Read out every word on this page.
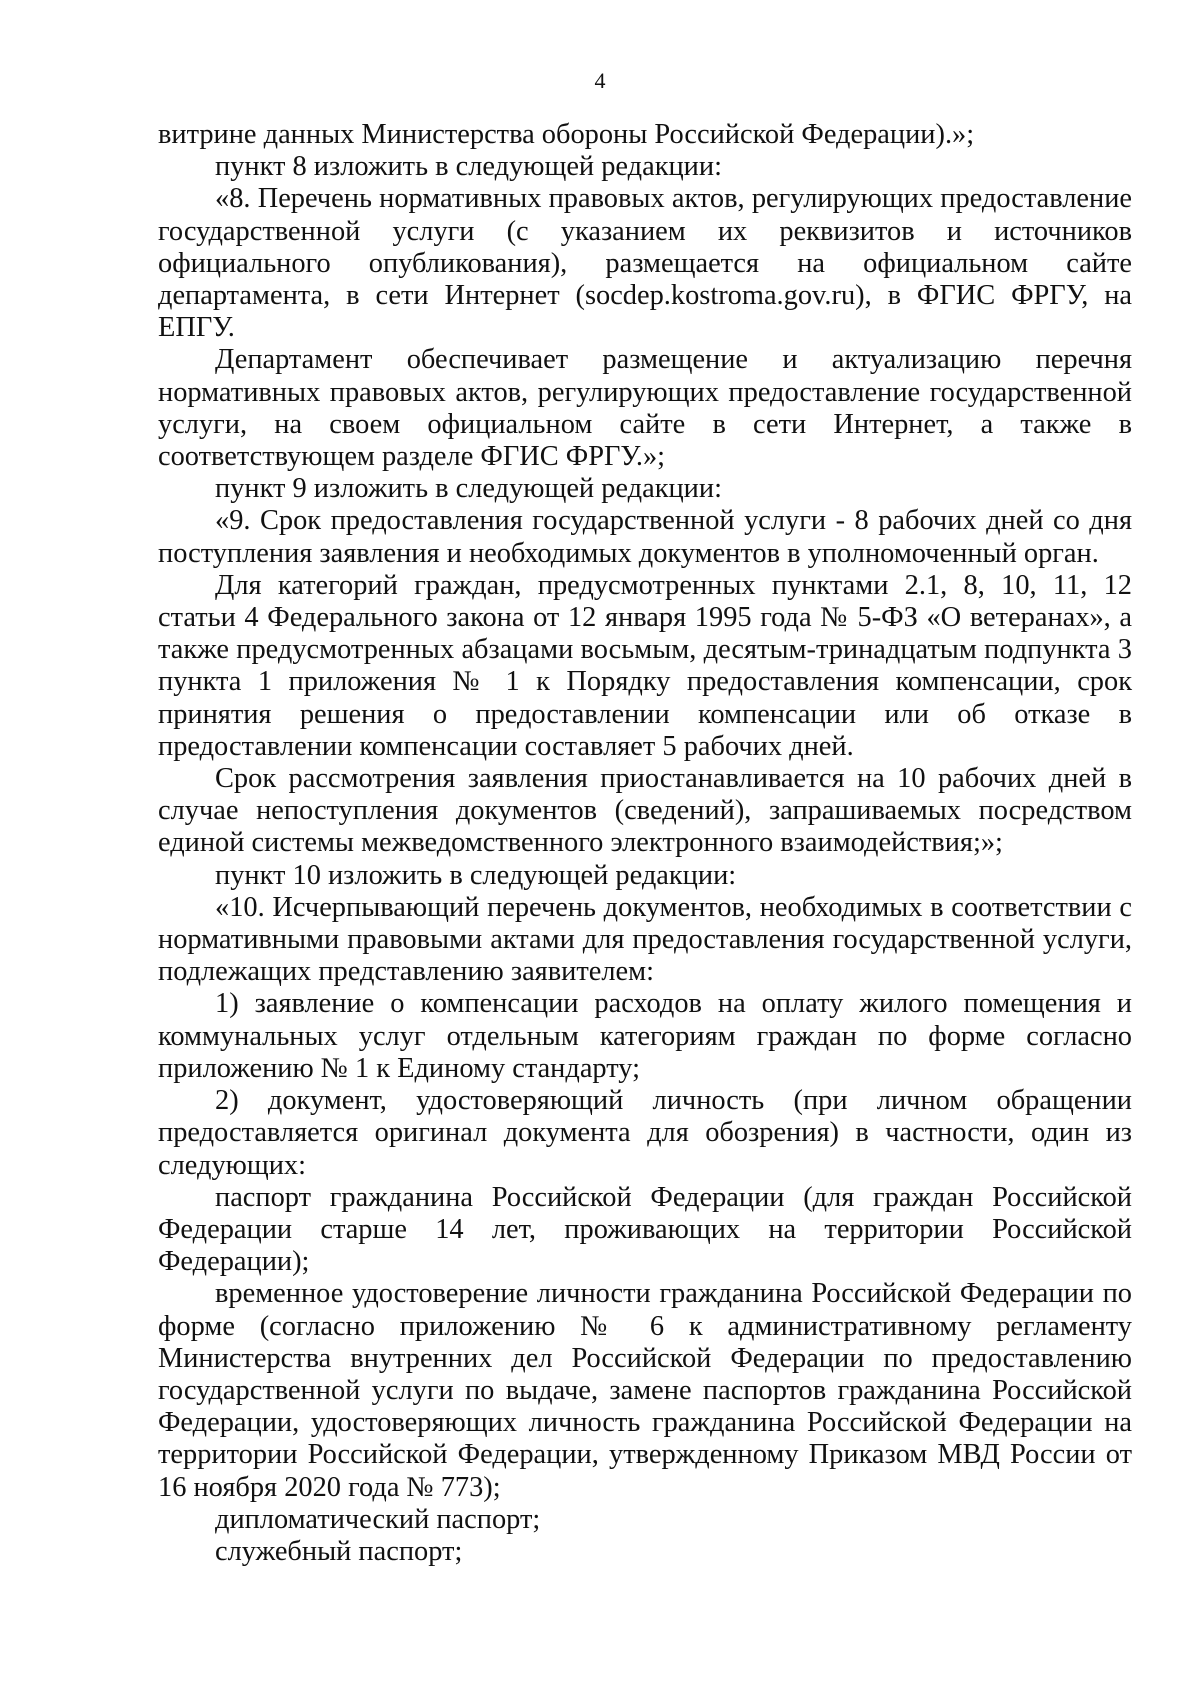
4

витрине данных Министерства обороны Российской Федерации).»;

пункт 8 изложить в следующей редакции:

«8. Перечень нормативных правовых актов, регулирующих предоставление государственной услуги (с указанием их реквизитов и источников официального опубликования), размещается на официальном сайте департамента, в сети Интернет (socdep.kostroma.gov.ru), в ФГИС ФРГУ, на ЕПГУ.

Департамент обеспечивает размещение и актуализацию перечня нормативных правовых актов, регулирующих предоставление государственной услуги, на своем официальном сайте в сети Интернет, а также в соответствующем разделе ФГИС ФРГУ.»;

пункт 9 изложить в следующей редакции:

«9. Срок предоставления государственной услуги - 8 рабочих дней со дня поступления заявления и необходимых документов в уполномоченный орган.

Для категорий граждан, предусмотренных пунктами 2.1, 8, 10, 11, 12 статьи 4 Федерального закона от 12 января 1995 года № 5-ФЗ «О ветеранах», а также предусмотренных абзацами восьмым, десятым-тринадцатым подпункта 3 пункта 1 приложения № 1 к Порядку предоставления компенсации, срок принятия решения о предоставлении компенсации или об отказе в предоставлении компенсации составляет 5 рабочих дней.

Срок рассмотрения заявления приостанавливается на 10 рабочих дней в случае непоступления документов (сведений), запрашиваемых посредством единой системы межведомственного электронного взаимодействия;»;

пункт 10 изложить в следующей редакции:

«10. Исчерпывающий перечень документов, необходимых в соответствии с нормативными правовыми актами для предоставления государственной услуги, подлежащих представлению заявителем:

1) заявление о компенсации расходов на оплату жилого помещения и коммунальных услуг отдельным категориям граждан по форме согласно приложению № 1 к Единому стандарту;

2) документ, удостоверяющий личность (при личном обращении предоставляется оригинал документа для обозрения) в частности, один из следующих:

паспорт гражданина Российской Федерации (для граждан Российской Федерации старше 14 лет, проживающих на территории Российской Федерации);

временное удостоверение личности гражданина Российской Федерации по форме (согласно приложению № 6 к административному регламенту Министерства внутренних дел Российской Федерации по предоставлению государственной услуги по выдаче, замене паспортов гражданина Российской Федерации, удостоверяющих личность гражданина Российской Федерации на территории Российской Федерации, утвержденному Приказом МВД России от 16 ноября 2020 года № 773);

дипломатический паспорт;

служебный паспорт;
